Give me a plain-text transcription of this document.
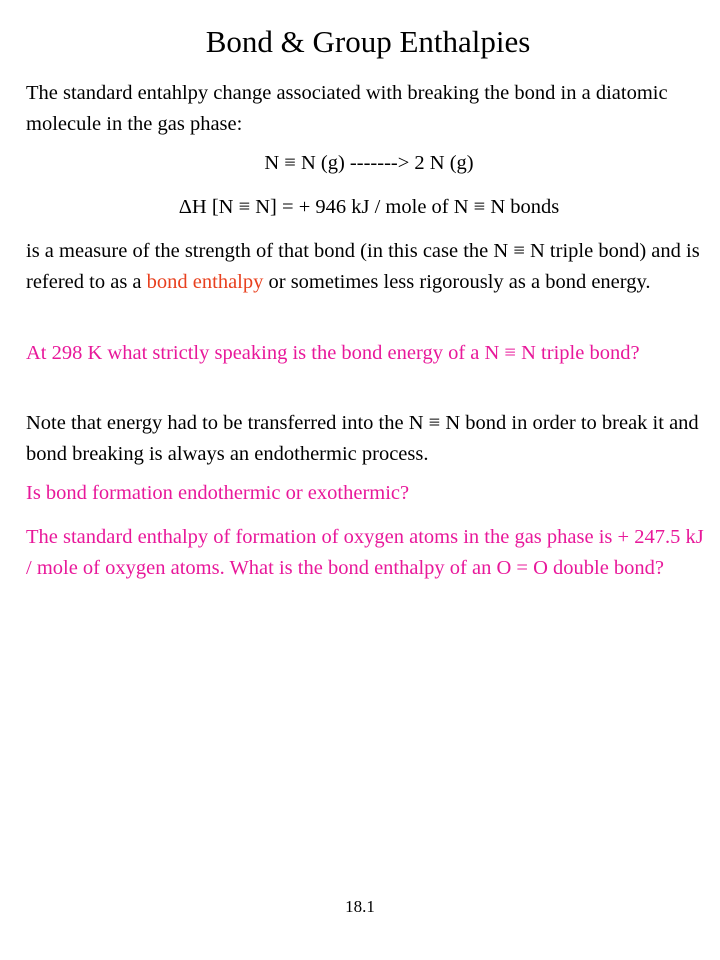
Bond & Group Enthalpies
The standard entahlpy change associated with breaking the bond in a diatomic molecule in the gas phase:
N ≡ N (g) -------> 2 N (g)
ΔH [N ≡ N] = + 946 kJ / mole of N ≡ N bonds
is a measure of the strength of that bond (in this case the N ≡ N triple bond) and is refered to as a bond enthalpy or sometimes less rigorously as a bond energy.
At 298 K what strictly speaking is the bond energy of a N ≡ N triple bond?
Note that energy had to be transferred into the N ≡ N bond in order to break it and bond breaking is always an endothermic process.
Is bond formation endothermic or exothermic?
The standard enthalpy of formation of oxygen atoms in the gas phase is + 247.5 kJ / mole of oxygen atoms. What is the bond enthalpy of an O = O double bond?
18.1
